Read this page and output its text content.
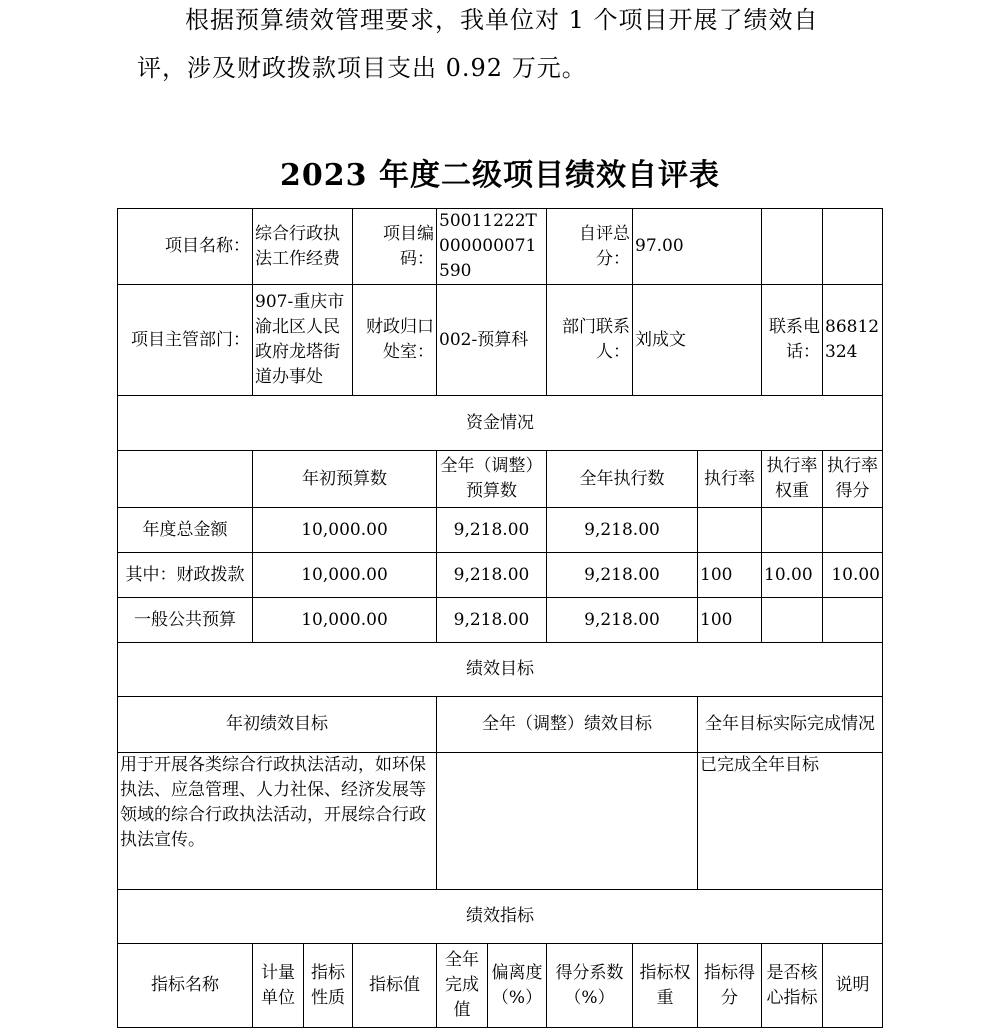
根据预算绩效管理要求，我单位对 1 个项目开展了绩效自
评，涉及财政拨款项目支出 0.92 万元。
2023 年度二级项目绩效自评表
项目名称：	综合行政执法工作经费		项目编码：	50011222T000000071590		自评总分：	97.00			
项目主管部门：	907-重庆市渝北区人民政府龙塔街道办事处		财政归口处室：	002-预算科		部门联系人：	刘成文		联系电话：	86812324
资金情况										
	年初预算数			全年（调整）预算数		全年执行数		执行率	执行率权重	执行率得分
年度总金额	10,000.00			9,218.00		9,218.00				
其中：财政拨款	10,000.00			9,218.00		9,218.00		100	10.00	10.00
一般公共预算	10,000.00			9,218.00		9,218.00		100		
绩效目标										
年初绩效目标				全年（调整）绩效目标				全年目标实际完成情况		
用于开展各类综合行政执法活动，如环保执法、应急管理、人力社保、经济发展等领域的综合行政执法活动，开展综合行政执法宣传。								已完成全年目标		
绩效指标										
指标名称	计量单位	指标性质	指标值	全年完成值	偏离度（%）	得分系数（%）	指标权重	指标得分	是否核心指标	说明
